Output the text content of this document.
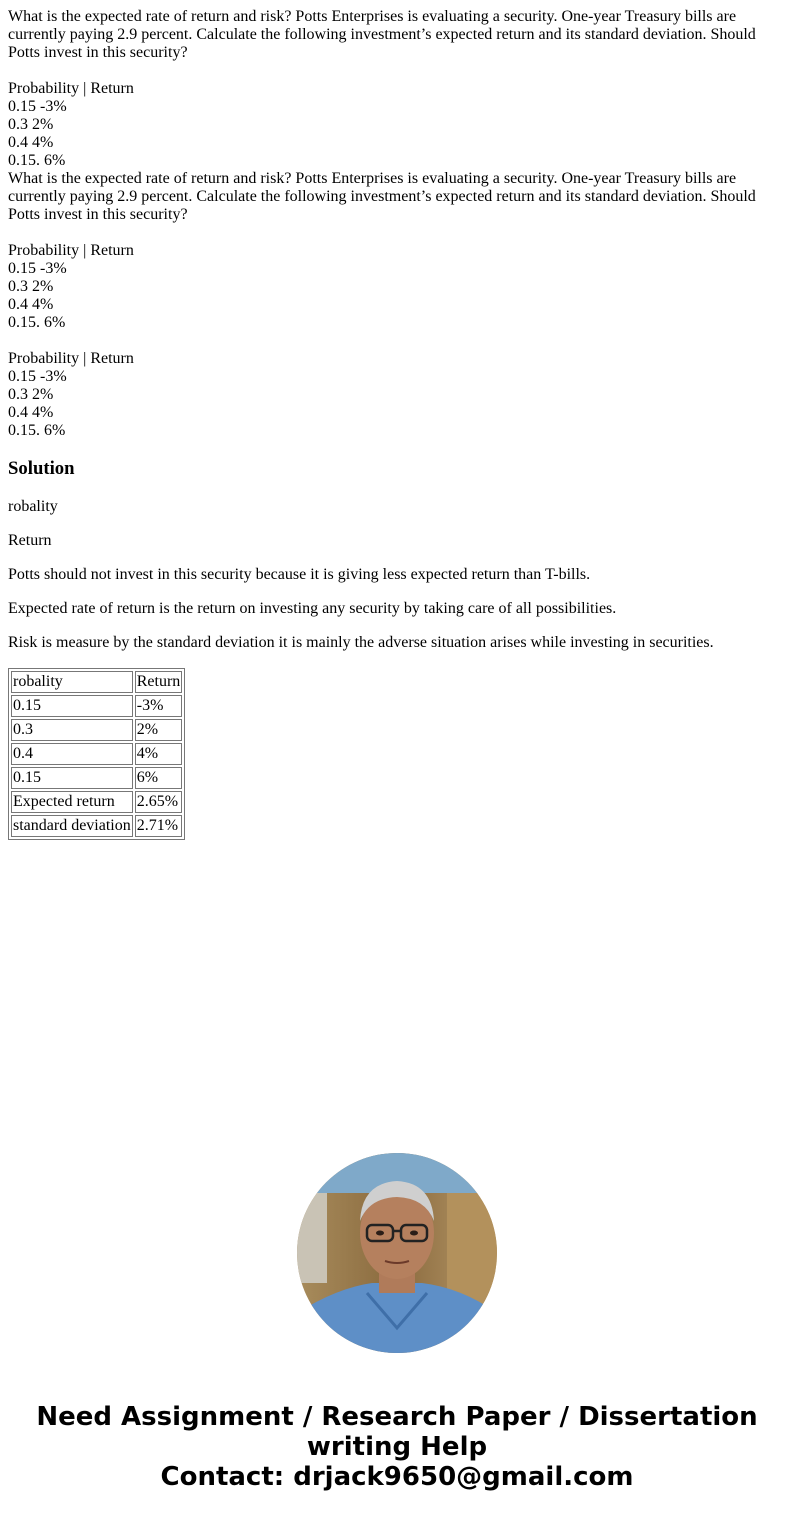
What is the expected rate of return and risk? Potts Enterprises is evaluating a security. One-year Treasury bills are currently paying 2.9 percent. Calculate the following investment’s expected return and its standard deviation. Should Potts invest in this security?

Probability | Return
0.15 -3%
0.3 2%
0.4 4%
0.15. 6%

What is the expected rate of return and risk? Potts Enterprises is evaluating a security. One-year Treasury bills are currently paying 2.9 percent. Calculate the following investment’s expected return and its standard deviation. Should Potts invest in this security?

Probability | Return
0.15 -3%
0.3 2%
0.4 4%
0.15. 6%
Probability | Return
0.15 -3%
0.3 2%
0.4 4%
0.15. 6%
Solution

robality

Return

Potts should not invest in this security because it is giving less expected return than T-bills.

Expected rate of return is the return on investing any security by taking care of all possibilities.

Risk is measure by the standard deviation it is mainly the adverse situation arises while investing in securities.

robality	Return
0.15	-3%
0.3	2%
0.4	4%
0.15	6%
Expected return	2.65%
standard deviation	2.71%
Need Assignment / Research Paper / Dissertation
writing Help
Contact: drjack9650@gmail.com
